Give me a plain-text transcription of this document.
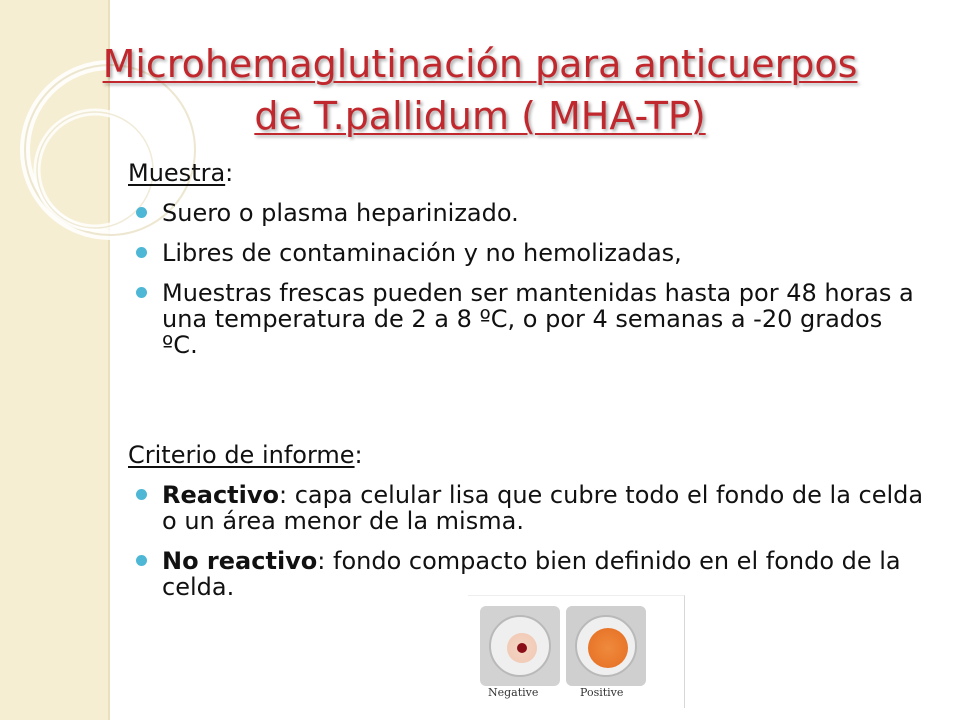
Microhemaglutinación para anticuerpos
de T.pallidum ( MHA-TP)
Muestra:
Suero o plasma heparinizado.
Libres de contaminación y no hemolizadas,
Muestras frescas pueden ser mantenidas hasta por 48 horas a una temperatura de 2 a 8 ºC, o por 4 semanas a -20 grados ºC.
Criterio de informe:
Reactivo: capa celular lisa que cubre todo el fondo de la celda o un área menor de la misma.
No reactivo: fondo compacto bien definido en el fondo de la celda.
Negative	Positive
